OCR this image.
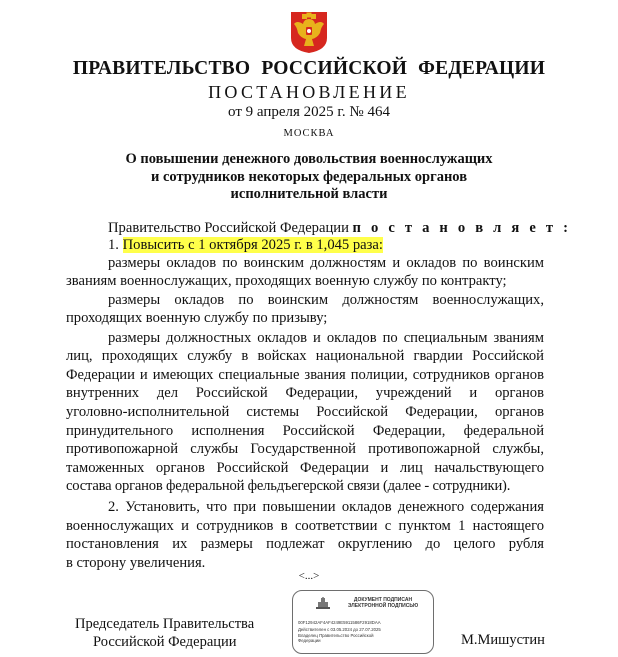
ПРАВИТЕЛЬСТВО РОССИЙСКОЙ ФЕДЕРАЦИИ
ПОСТАНОВЛЕНИЕ
от 9 апреля 2025 г. № 464
МОСКВА
О повышении денежного довольствия военнослужащих
и сотрудников некоторых федеральных органов
исполнительной власти
Правительство Российской Федерации п о с т а н о в л я е т :
1. Повысить с 1 октября 2025 г. в 1,045 раза:
размеры окладов по воинским должностям и окладов по воинским
званиям военнослужащих, проходящих военную службу по контракту;
размеры окладов по воинским должностям военнослужащих,
проходящих военную службу по призыву;
размеры должностных окладов и окладов по специальным званиям
лиц, проходящих службу в войсках национальной гвардии Российской
Федерации и имеющих специальные звания полиции, сотрудников органов
внутренних дел Российской Федерации, учреждений и органов
уголовно-исполнительной системы Российской Федерации, органов
принудительного исполнения Российской Федерации, федеральной
противопожарной службы Государственной противопожарной службы,
таможенных органов Российской Федерации и лиц начальствующего
состава органов федеральной фельдъегерской связи (далее - сотрудники).
2. Установить, что при повышении окладов денежного содержания
военнослужащих и сотрудников в соответствии с пунктом 1 настоящего
постановления их размеры подлежат округлению до целого рубля
в сторону увеличения.
<...>
Председатель Правительства
Российской Федерации
ДОКУМЕНТ ПОДПИСАН
ЭЛЕКТРОННОЙ ПОДПИСЬЮ
00F12942AF4AF4249E5911586F2918DAA
Действителен с 03.05.2024 до 27.07.2025
Владелец Правительство Российской
Федерации	М.Мишустин
